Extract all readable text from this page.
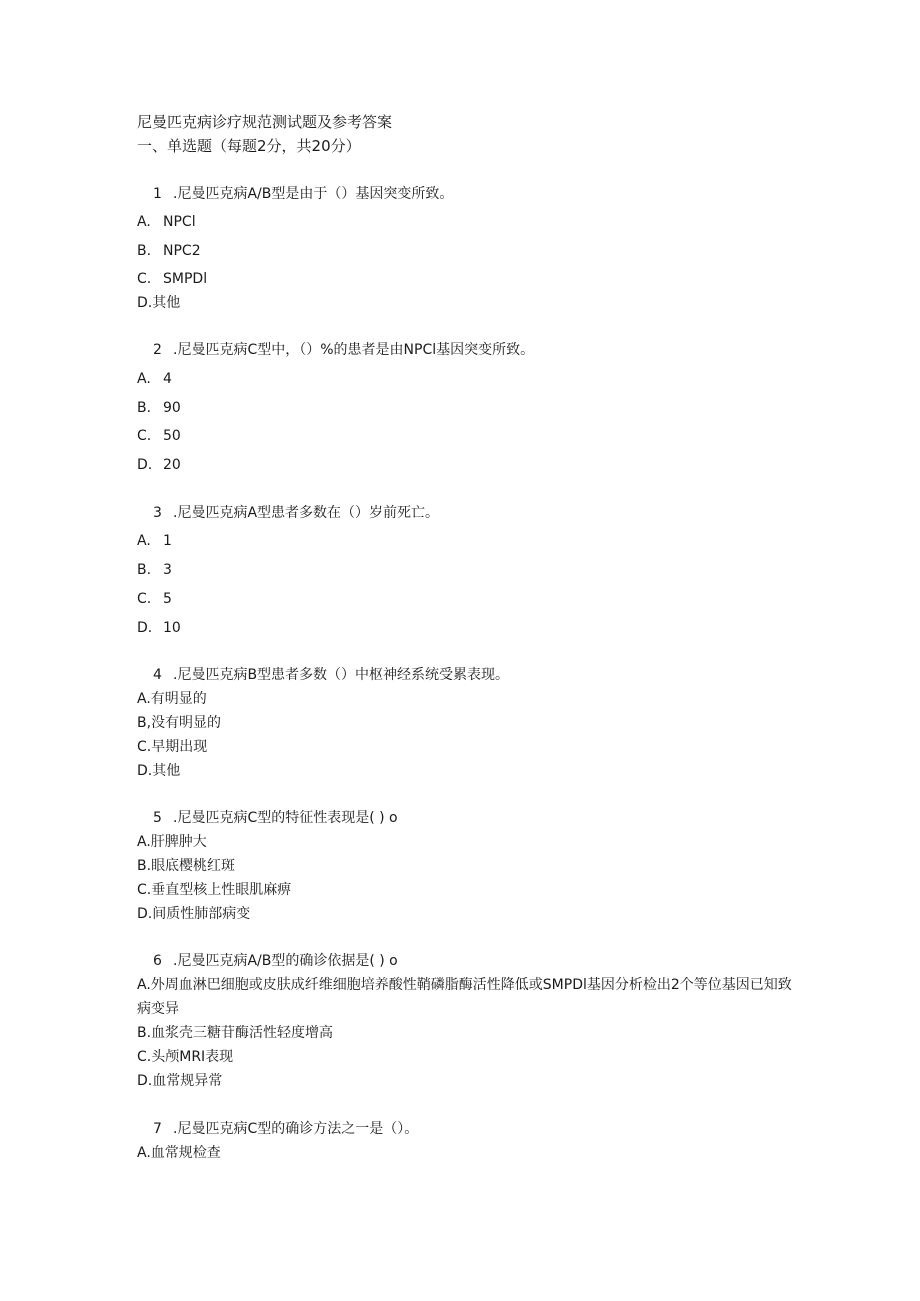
尼曼匹克病诊疗规范测试题及参考答案
一、单选题（每题2分，共20分）
1 .尼曼匹克病A/B型是由于（）基因突变所致。
A. NPCl
B. NPC2
C. SMPDl
D.其他
2 .尼曼匹克病C型中，（）%的患者是由NPCl基因突变所致。
A. 4
B. 90
C. 50
D. 20
3 .尼曼匹克病A型患者多数在（）岁前死亡。
A. 1
B. 3
C. 5
D. 10
4 .尼曼匹克病B型患者多数（）中枢神经系统受累表现。
A.有明显的
B,没有明显的
C.早期出现
D.其他
5 .尼曼匹克病C型的特征性表现是( ) o
A.肝脾肿大
B.眼底樱桃红斑
C.垂直型核上性眼肌麻痹
D.间质性肺部病变
6 .尼曼匹克病A/B型的确诊依据是( ) o
A.外周血淋巴细胞或皮肤成纤维细胞培养酸性鞘磷脂酶活性降低或SMPDl基因分析检出2个等位基因已知致病变异
B.血浆壳三糖苷酶活性轻度增高
C.头颅MRI表现
D.血常规异常
7 .尼曼匹克病C型的确诊方法之一是（）。
A.血常规检查
